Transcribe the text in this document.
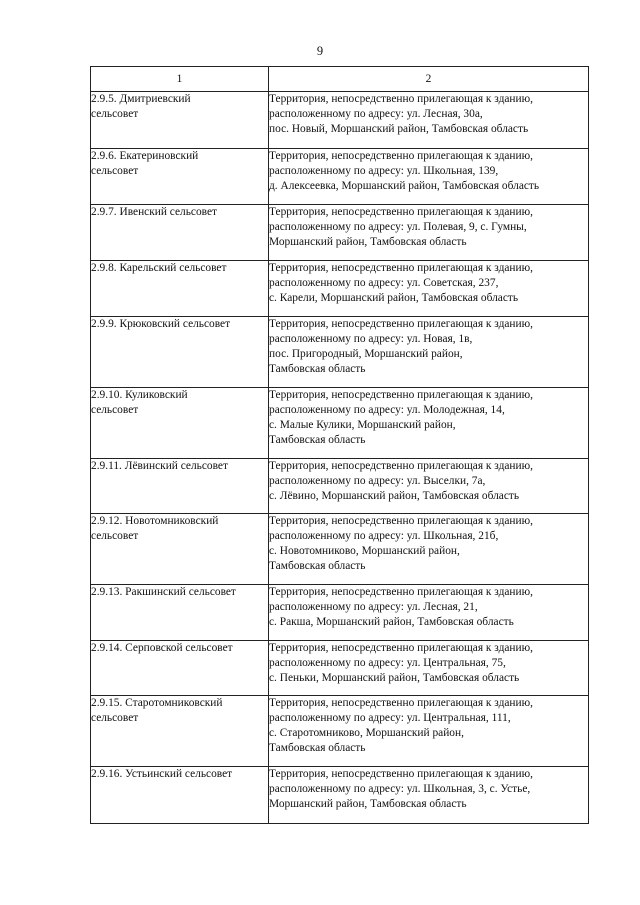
9
1	2

2.9.5. Дмитриевский
сельсовет	Территория, непосредственно прилегающая к зданию,
расположенному по адресу: ул. Лесная, 30а,
пос. Новый, Моршанский район, Тамбовская область

2.9.6. Екатериновский
сельсовет	Территория, непосредственно прилегающая к зданию,
расположенному по адресу: ул. Школьная, 139,
д. Алексеевка, Моршанский район, Тамбовская область

2.9.7. Ивенский сельсовет	Территория, непосредственно прилегающая к зданию,
расположенному по адресу: ул. Полевая, 9, с. Гумны,
Моршанский район, Тамбовская область

2.9.8. Карельский сельсовет	Территория, непосредственно прилегающая к зданию,
расположенному по адресу: ул. Советская, 237,
с. Карели, Моршанский район, Тамбовская область

2.9.9. Крюковский сельсовет	Территория, непосредственно прилегающая к зданию,
расположенному по адресу: ул. Новая, 1в,
пос. Пригородный, Моршанский район,
Тамбовская область

2.9.10. Куликовский
сельсовет	Территория, непосредственно прилегающая к зданию,
расположенному по адресу: ул. Молодежная, 14,
с. Малые Кулики, Моршанский район,
Тамбовская область

2.9.11. Лёвинский сельсовет	Территория, непосредственно прилегающая к зданию,
расположенному по адресу: ул. Выселки, 7а,
с. Лёвино, Моршанский район, Тамбовская область

2.9.12. Новотомниковский
сельсовет	Территория, непосредственно прилегающая к зданию,
расположенному по адресу: ул. Школьная, 21б,
с. Новотомниково, Моршанский район,
Тамбовская область

2.9.13. Ракшинский сельсовет	Территория, непосредственно прилегающая к зданию,
расположенному по адресу: ул. Лесная, 21,
с. Ракша, Моршанский район, Тамбовская область

2.9.14. Серповской сельсовет	Территория, непосредственно прилегающая к зданию,
расположенному по адресу: ул. Центральная, 75,
с. Пеньки, Моршанский район, Тамбовская область

2.9.15. Старотомниковский
сельсовет	Территория, непосредственно прилегающая к зданию,
расположенному по адресу: ул. Центральная, 111,
с. Старотомниково, Моршанский район,
Тамбовская область

2.9.16. Устьинский сельсовет	Территория, непосредственно прилегающая к зданию,
расположенному по адресу: ул. Школьная, 3, с. Устье,
Моршанский район, Тамбовская область
